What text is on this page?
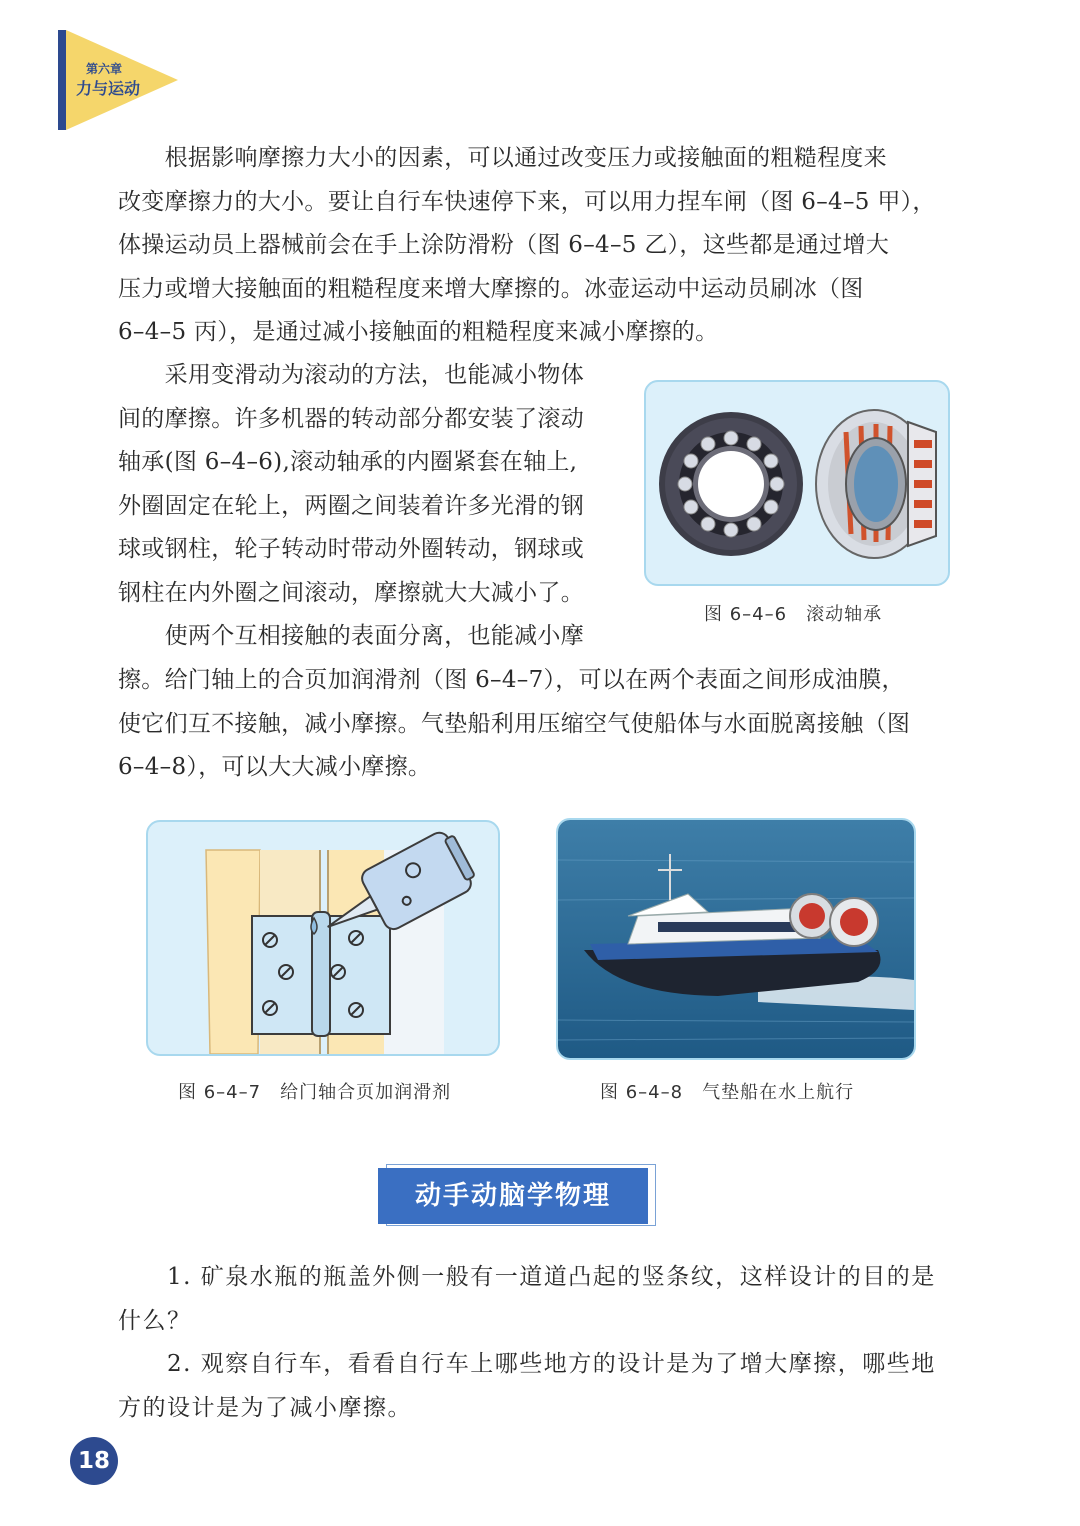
第六章
力与运动
　　根据影响摩擦力大小的因素，可以通过改变压力或接触面的粗糙程度来
改变摩擦力的大小。要让自行车快速停下来，可以用力捏车闸（图 6–4–5 甲），
体操运动员上器械前会在手上涂防滑粉（图 6–4–5 乙），这些都是通过增大
压力或增大接触面的粗糙程度来增大摩擦的。冰壶运动中运动员刷冰（图
6–4–5 丙），是通过减小接触面的粗糙程度来减小摩擦的。
　　采用变滑动为滚动的方法，也能减小物体
间的摩擦。许多机器的转动部分都安装了滚动
轴承(图 6–4–6),滚动轴承的内圈紧套在轴上,
外圈固定在轮上，两圈之间装着许多光滑的钢
球或钢柱，轮子转动时带动外圈转动，钢球或
钢柱在内外圈之间滚动，摩擦就大大减小了。
　　使两个互相接触的表面分离，也能减小摩
擦。给门轴上的合页加润滑剂（图 6–4–7），可以在两个表面之间形成油膜，
使它们互不接触，减小摩擦。气垫船利用压缩空气使船体与水面脱离接触（图
6–4–8），可以大大减小摩擦。
图 6–4–6　滚动轴承
图 6–4–7　给门轴合页加润滑剂	图 6–4–8　气垫船在水上航行
动手动脑学物理
　　1. 矿泉水瓶的瓶盖外侧一般有一道道凸起的竖条纹，这样设计的目的是
什么？
　　2. 观察自行车，看看自行车上哪些地方的设计是为了增大摩擦，哪些地
方的设计是为了减小摩擦。
18
